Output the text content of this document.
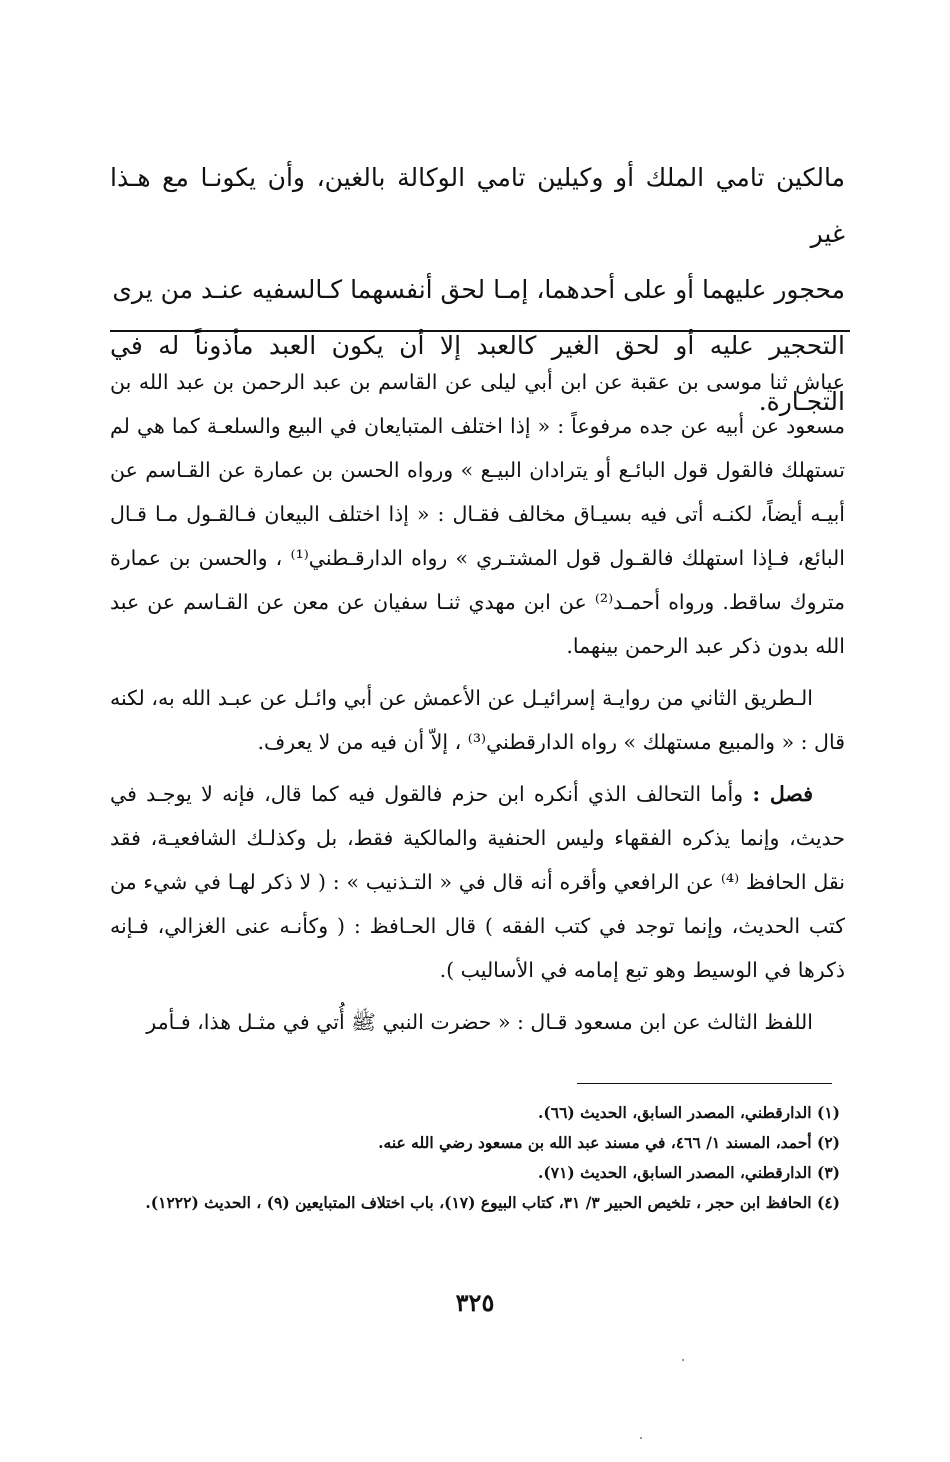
مالكين تامي الملك أو وكيلين تامي الوكالة بالغين، وأن يكونـا مع هـذا غير

محجور عليهما أو على أحدهما، إمـا لحق أنفسهما كـالسفيه عنـد من يرى

التحجير عليه أو لحق الغير كالعبد إلا أن يكون العبد مأذوناً له في التجـارة.

عياش ثنا موسى بن عقبة عن ابن أبي ليلى عن القاسم بن عبد الرحمن بن عبد الله بن مسعود عن أبيه عن جده مرفوعاً : « إذا اختلف المتبايعان في البيع والسلعـة كما هي لم تستهلك فالقول قول البائـع أو يترادان البيـع » ورواه الحسن بن عمارة عن القـاسم عن أبيـه أيضاً، لكنـه أتى فيه بسيـاق مخالف فقـال : « إذا اختلف البيعان فـالقـول مـا قـال البائع، فـإذا استهلك فالقـول قول المشتـري » رواه الدارقـطني⁽¹⁾ ، والحسن بن عمارة متروك ساقط. ورواه أحمـد⁽²⁾ عن ابن مهدي ثنـا سفيان عن معن عن القـاسم عن عبد الله بدون ذكر عبد الرحمن بينهما.

الـطريق الثاني من روايـة إسرائيـل عن الأعمش عن أبي وائـل عن عبـد الله به، لكنه قال : « والمبيع مستهلك » رواه الدارقطني⁽³⁾ ، إلاّ أن فيه من لا يعرف.

فصل : وأما التحالف الذي أنكره ابن حزم فالقول فيه كما قال، فإنه لا يوجـد في حديث، وإنما يذكره الفقهاء وليس الحنفية والمالكية فقط، بل وكذلـك الشافعيـة، فقد نقل الحافظ ⁽⁴⁾ عن الرافعي وأقره أنه قال في « التـذنيب » : ( لا ذكر لهـا في شيء من كتب الحديث، وإنما توجد في كتب الفقه ) قال الحـافظ : ( وكأنـه عنى الغزالي، فـإنه ذكرها في الوسيط وهو تبع إمامه في الأساليب ).

اللفظ الثالث عن ابن مسعود قـال : « حضرت النبي ﷺ أُتي في مثـل هذا، فـأمر

(١) الدارقطني، المصدر السابق، الحديث (٦٦).

(٢) أحمد، المسند ١/ ٤٦٦، في مسند عبد الله بن مسعود رضي الله عنه.

(٣) الدارقطني، المصدر السابق، الحديث (٧١).

(٤) الحافظ ابن حجر ، تلخيص الحبير ٣/ ٣١، كتاب البيوع (١٧)، باب اختلاف المتبايعين (٩) ، الحديث (١٢٢٢).

٣٢٥
